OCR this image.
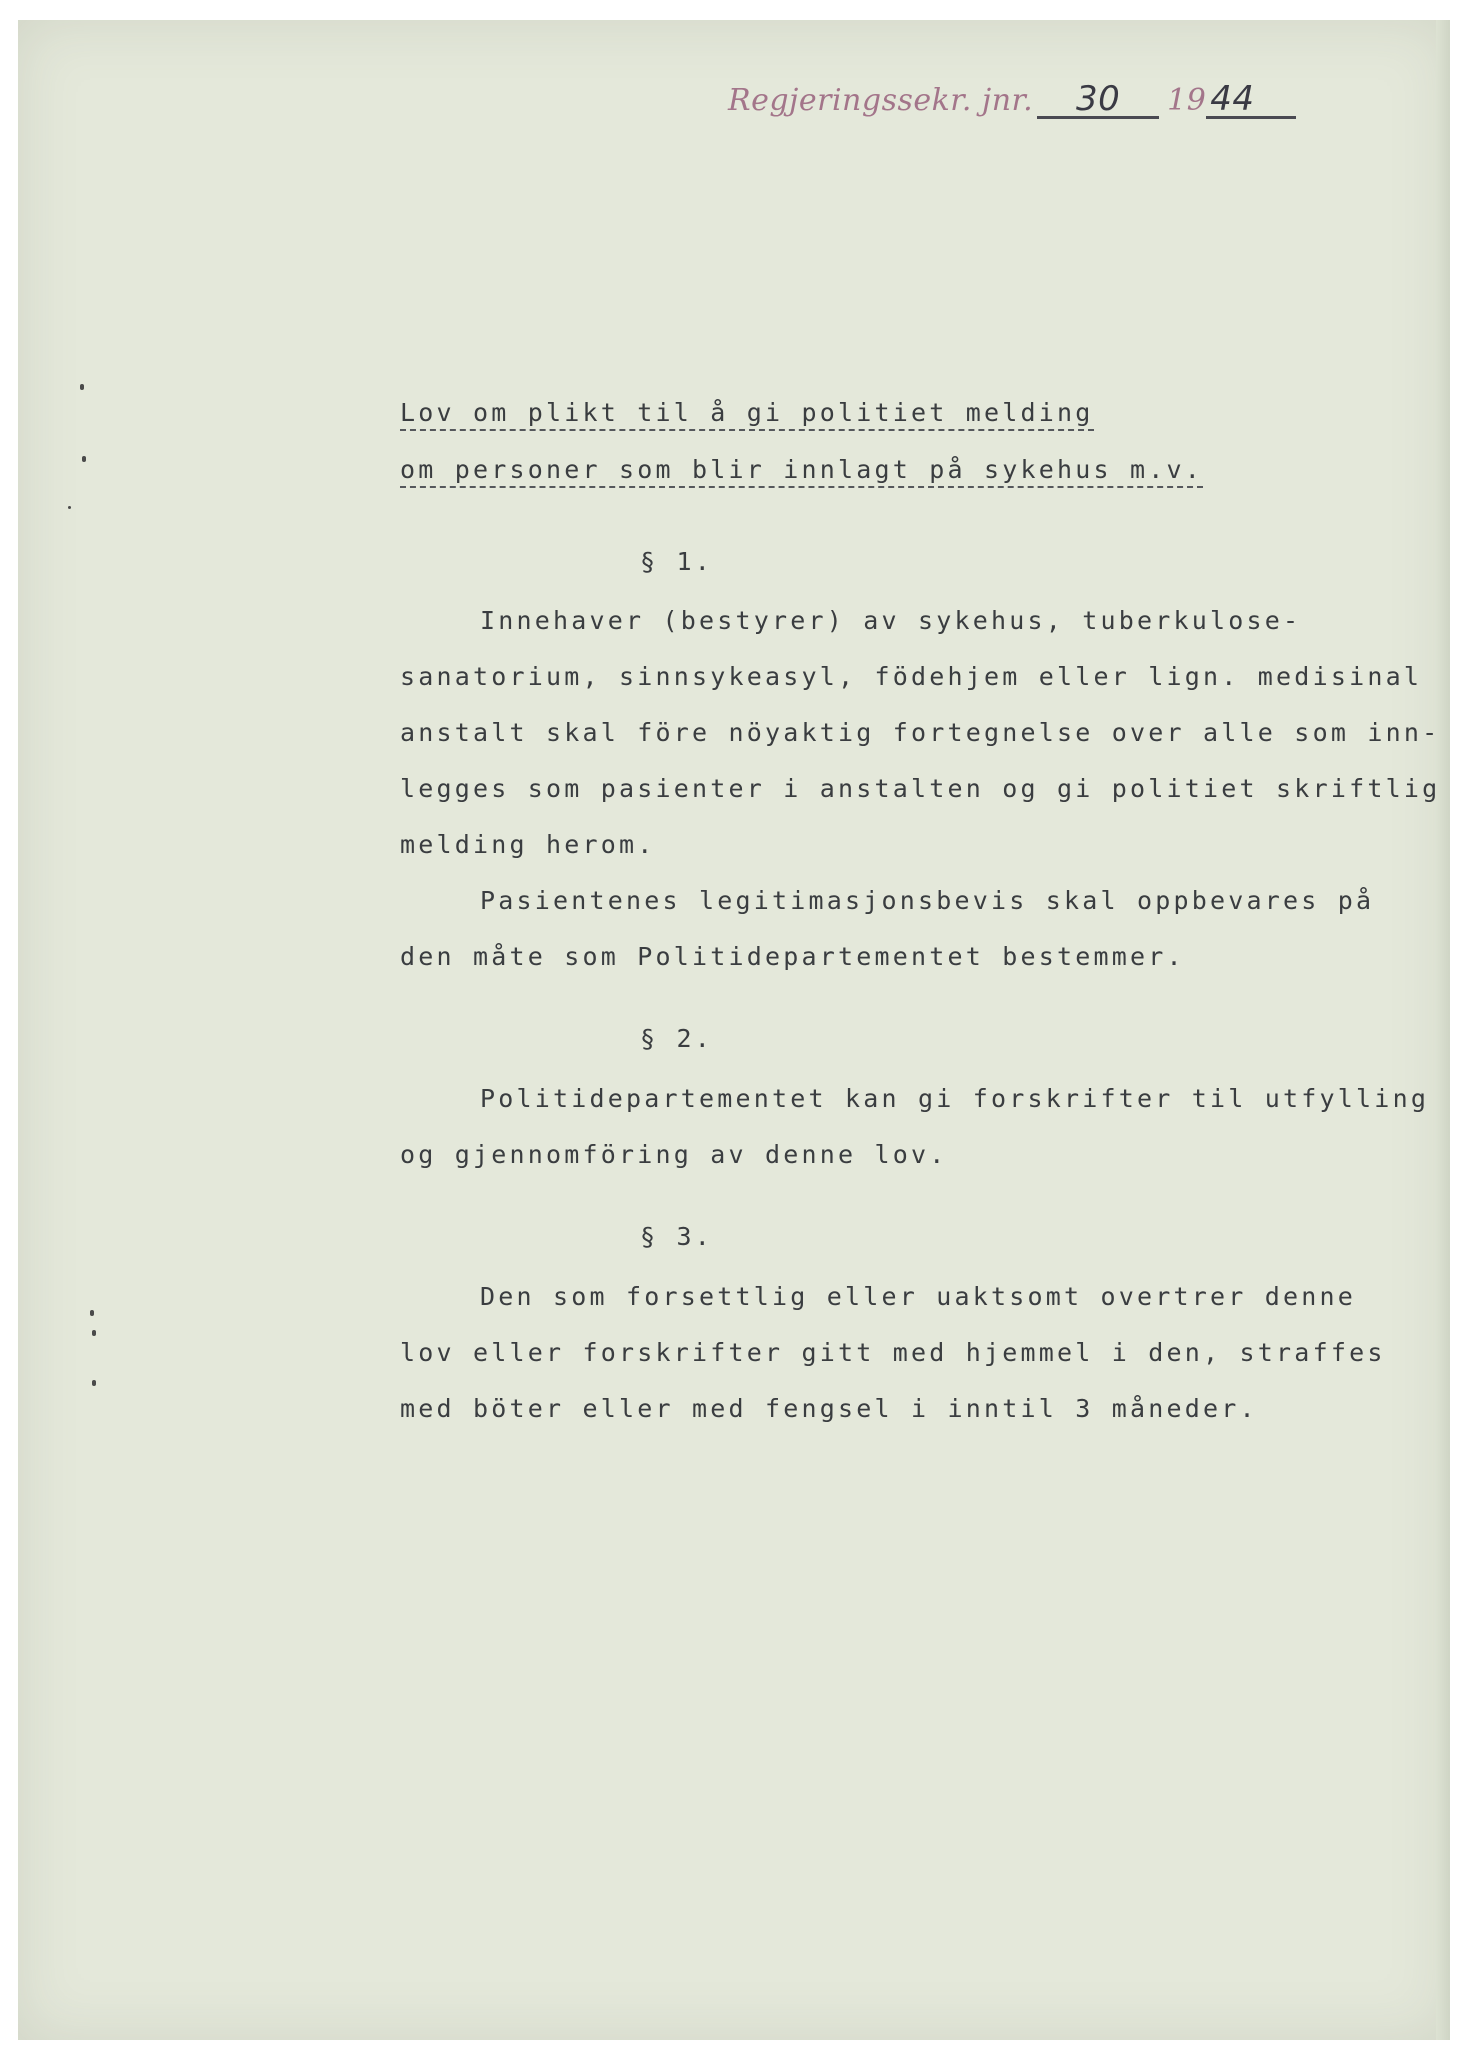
Regjeringssekr. jnr. 30 19 44
Lov om plikt til å gi politiet melding
om personer som blir innlagt på sykehus m.v.
§ 1.
Innehaver (bestyrer) av sykehus, tuberkulose-
sanatorium, sinnsykeasyl, födehjem eller lign. medisinal
anstalt skal före nöyaktig fortegnelse over alle som inn-
legges som pasienter i anstalten og gi politiet skriftlig
melding herom.
Pasientenes legitimasjonsbevis skal oppbevares på
den måte som Politidepartementet bestemmer.
§ 2.
Politidepartementet kan gi forskrifter til utfylling
og gjennomföring av denne lov.
§ 3.
Den som forsettlig eller uaktsomt overtrer denne
lov eller forskrifter gitt med hjemmel i den, straffes
med böter eller med fengsel i inntil 3 måneder.
